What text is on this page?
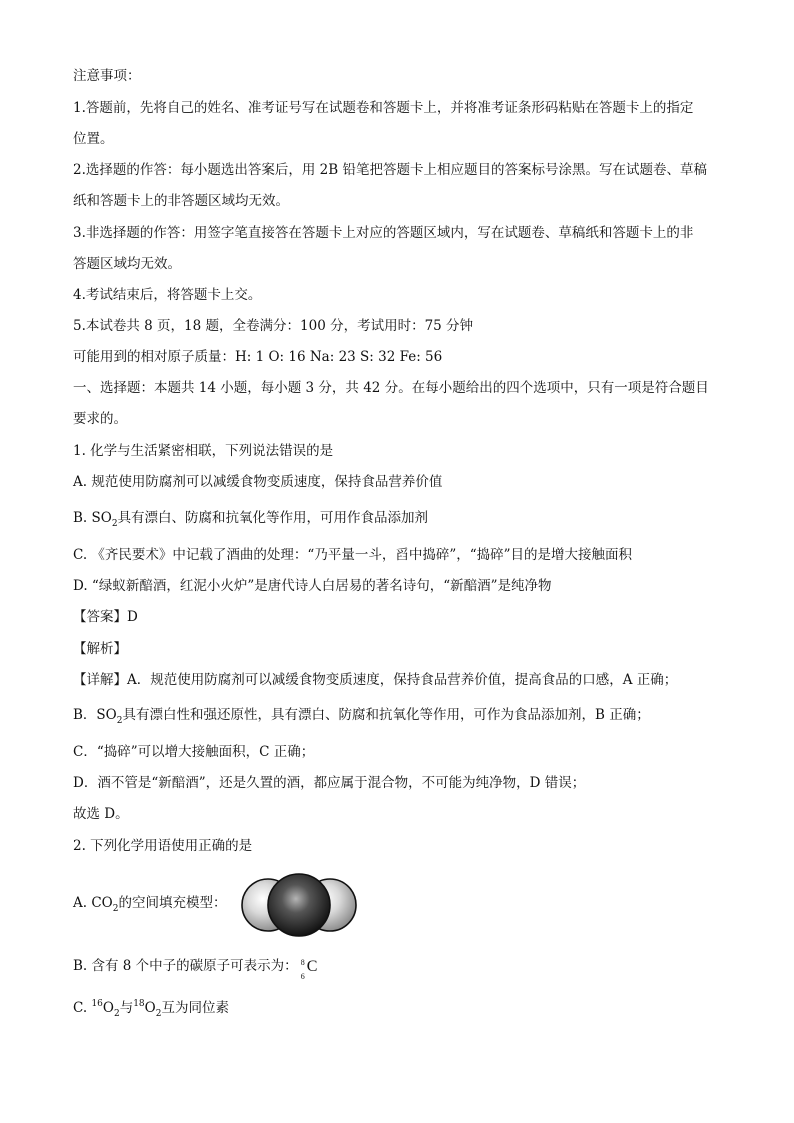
注意事项：
1.答题前，先将自己的姓名、准考证号写在试题卷和答题卡上，并将准考证条形码粘贴在答题卡上的指定
位置。
2.选择题的作答：每小题选出答案后，用 2B 铅笔把答题卡上相应题目的答案标号涂黑。写在试题卷、草稿
纸和答题卡上的非答题区域均无效。
3.非选择题的作答：用签字笔直接答在答题卡上对应的答题区域内，写在试题卷、草稿纸和答题卡上的非
答题区域均无效。
4.考试结束后，将答题卡上交。
5.本试卷共 8 页，18 题，全卷满分：100 分，考试用时：75 分钟
可能用到的相对原子质量：H: 1 O: 16 Na: 23 S: 32 Fe: 56
一、选择题：本题共 14 小题，每小题 3 分，共 42 分。在每小题给出的四个选项中，只有一项是符合题目
要求的。
1. 化学与生活紧密相联，下列说法错误的是
A. 规范使用防腐剂可以减缓食物变质速度，保持食品营养价值
B. $SO_2$具有漂白、防腐和抗氧化等作用，可用作食品添加剂
C. 《齐民要术》中记载了酒曲的处理：“乃平量一斗，舀中捣碎”，“捣碎”目的是增大接触面积
D. “绿蚁新醅酒，红泥小火炉”是唐代诗人白居易的著名诗句，“新醅酒”是纯净物
【答案】D
【解析】
【详解】A．规范使用防腐剂可以减缓食物变质速度，保持食品营养价值，提高食品的口感，A 正确；
B．$SO_2$具有漂白性和强还原性，具有漂白、防腐和抗氧化等作用，可作为食品添加剂，B 正确；
C．“捣碎”可以增大接触面积，C 正确；
D．酒不管是“新醅酒”，还是久置的酒，都应属于混合物，不可能为纯净物，D 错误；
故选 D。
2. 下列化学用语使用正确的是
A. $CO_2$的空间填充模型：
B. 含有 8 个中子的碳原子可表示为： 8
6
C
C. $^{16}O_2$与$^{18}O_2$互为同位素
